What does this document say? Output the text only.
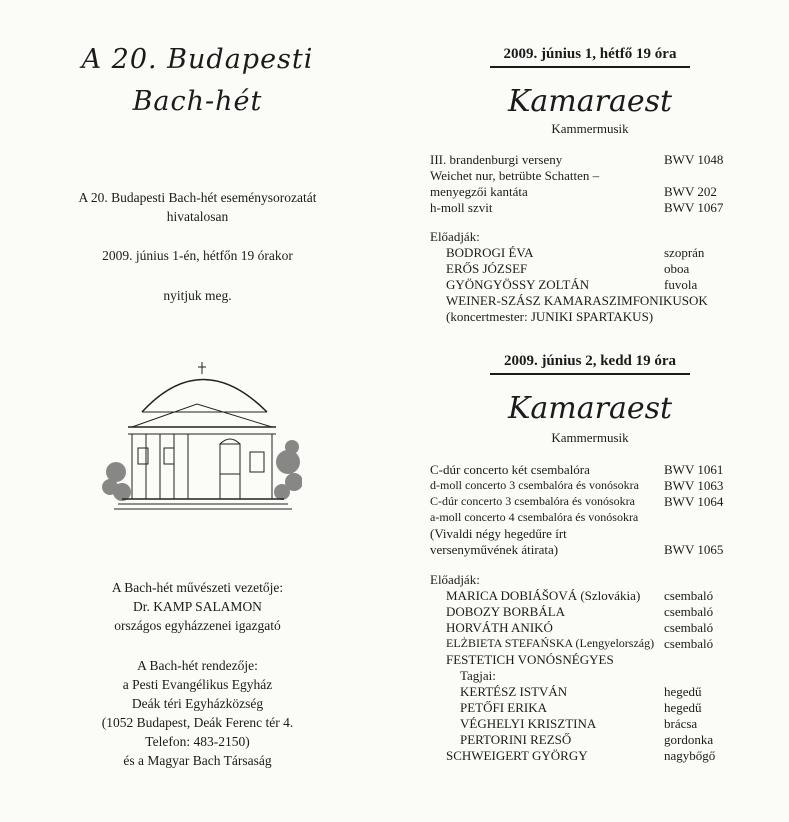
A 20. Budapesti
Bach-hét
A 20. Budapesti Bach-hét eseménysorozatát
hivatalosan
2009. június 1-én, hétfőn 19 órakor
nyitjuk meg.
A Bach-hét művészeti vezetője:
Dr. KAMP SALAMON
országos egyházzenei igazgató
A Bach-hét rendezője:
a Pesti Evangélikus Egyház
Deák téri Egyházközség
(1052 Budapest, Deák Ferenc tér 4.
Telefon: 483-2150)
és a Magyar Bach Társaság
2009. június 1, hétfő 19 óra
Kamaraest
Kammermusik
III. brandenburgi verseny	BWV 1048
Weichet nur, betrübte Schatten –
menyegzői kantáta	BWV 202
h-moll szvit	BWV 1067
Előadják:
BODROGI ÉVA	szoprán
ERŐS JÓZSEF	oboa
GYÖNGYÖSSY ZOLTÁN	fuvola
WEINER-SZÁSZ KAMARASZIMFONIKUSOK
(koncertmester: JUNIKI SPARTAKUS)
2009. június 2, kedd 19 óra
Kamaraest
Kammermusik
C-dúr concerto két csembalóra	BWV 1061
d-moll concerto 3 csembalóra és vonósokra BWV 1063
C-dúr concerto 3 csembalóra és vonósokra BWV 1064
a-moll concerto 4 csembalóra és vonósokra
(Vivaldi négy hegedűre írt
versenyművének átirata)	BWV 1065
Előadják:
MARICA DOBIÁŠOVÁ (Szlovákia) csembaló
DOBOZY BORBÁLA	csembaló
HORVÁTH ANIKÓ	csembaló
ELŻBIETA STEFAŃSKA (Lengyelország) csembaló
FESTETICH VONÓSNÉGYES
Tagjai:
KERTÉSZ ISTVÁN	hegedű
PETŐFI ERIKA	hegedű
VÉGHELYI KRISZTINA	brácsa
PERTORINI REZSŐ	gordonka
SCHWEIGERT GYÖRGY	nagybőgő
